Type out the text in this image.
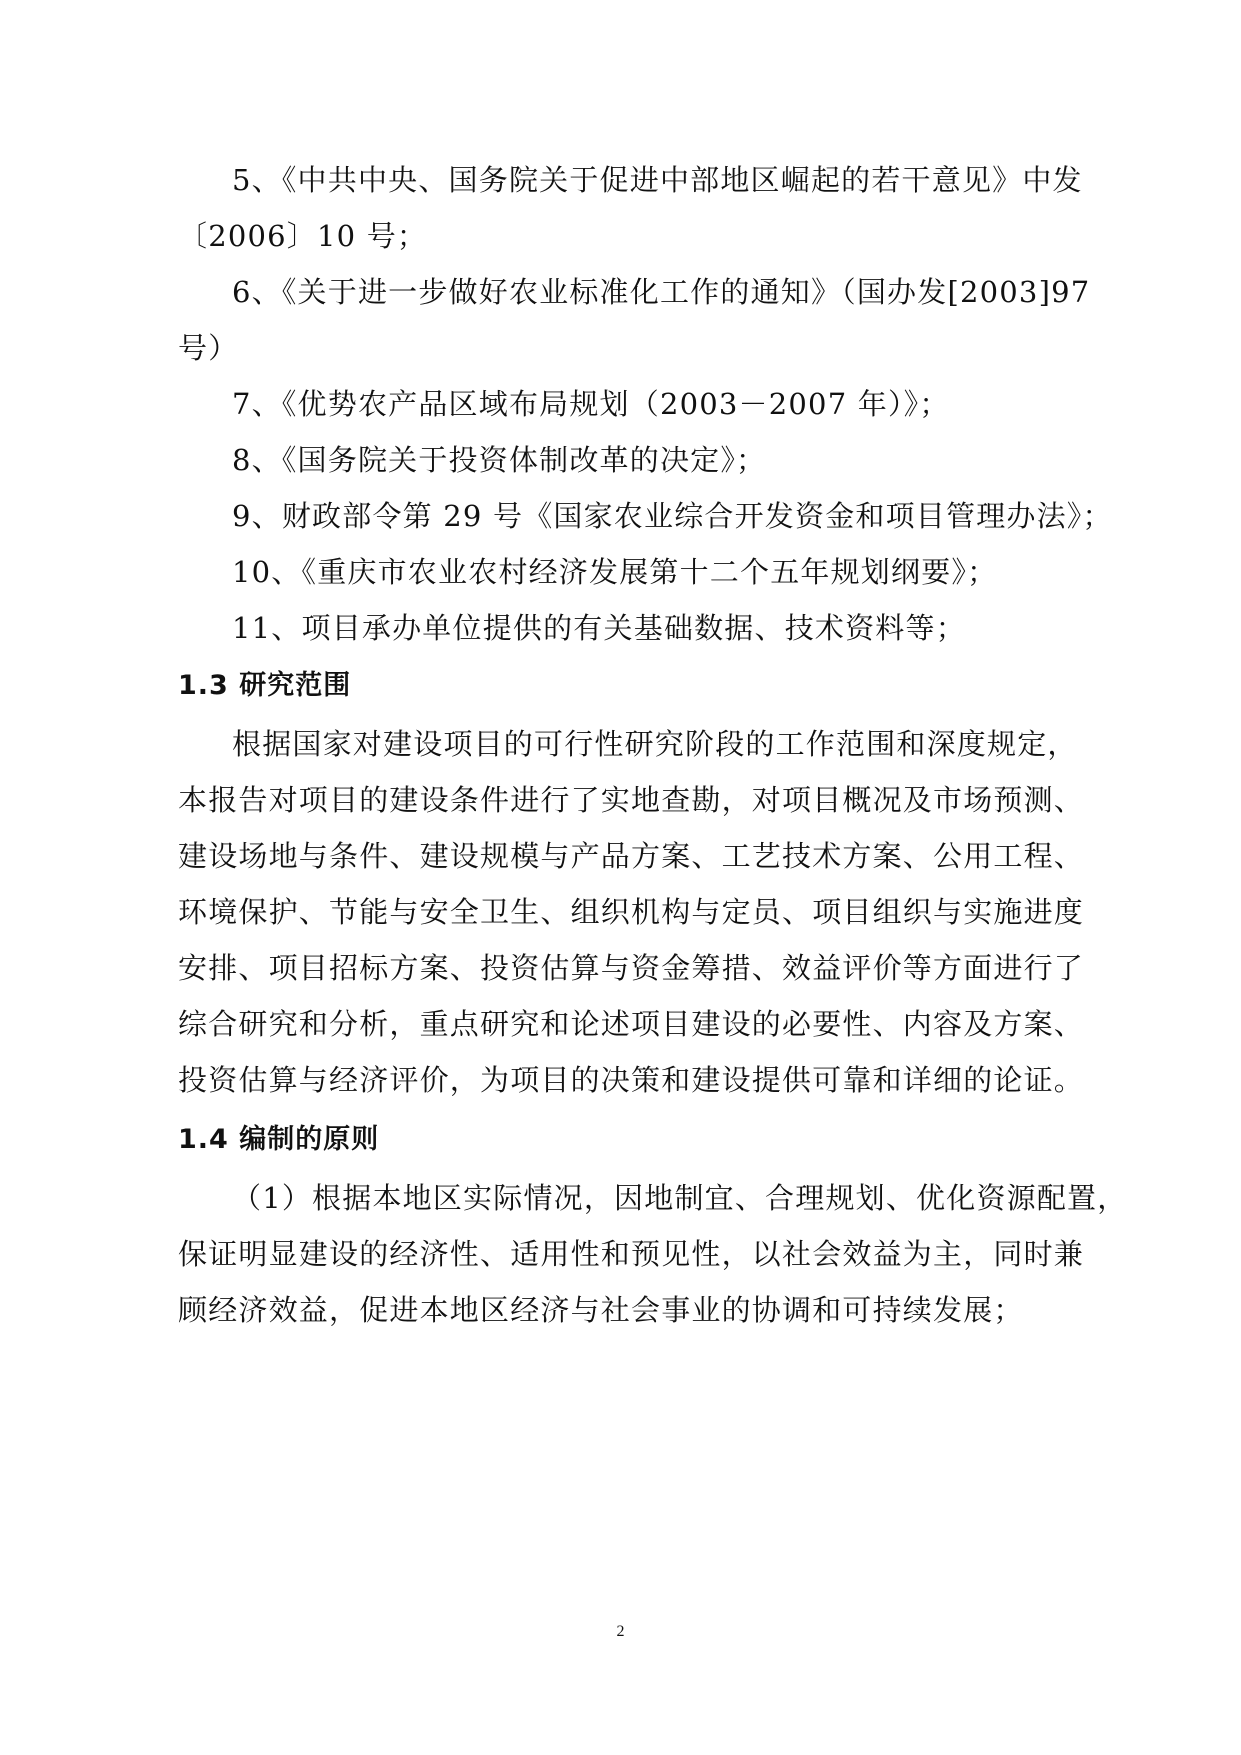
5、《中共中央、国务院关于促进中部地区崛起的若干意见》中发
〔2006〕10 号；
6、《关于进一步做好农业标准化工作的通知》（国办发[2003]97
号）
7、《优势农产品区域布局规划（2003－2007 年）》；
8、《国务院关于投资体制改革的决定》；
9、财政部令第 29 号《国家农业综合开发资金和项目管理办法》；
10、《重庆市农业农村经济发展第十二个五年规划纲要》；
11、项目承办单位提供的有关基础数据、技术资料等；
1.3 研究范围
根据国家对建设项目的可行性研究阶段的工作范围和深度规定，
本报告对项目的建设条件进行了实地查勘，对项目概况及市场预测、
建设场地与条件、建设规模与产品方案、工艺技术方案、公用工程、
环境保护、节能与安全卫生、组织机构与定员、项目组织与实施进度
安排、项目招标方案、投资估算与资金筹措、效益评价等方面进行了
综合研究和分析，重点研究和论述项目建设的必要性、内容及方案、
投资估算与经济评价，为项目的决策和建设提供可靠和详细的论证。
1.4 编制的原则
（1）根据本地区实际情况，因地制宜、合理规划、优化资源配置，
保证明显建设的经济性、适用性和预见性，以社会效益为主，同时兼
顾经济效益，促进本地区经济与社会事业的协调和可持续发展；
2
